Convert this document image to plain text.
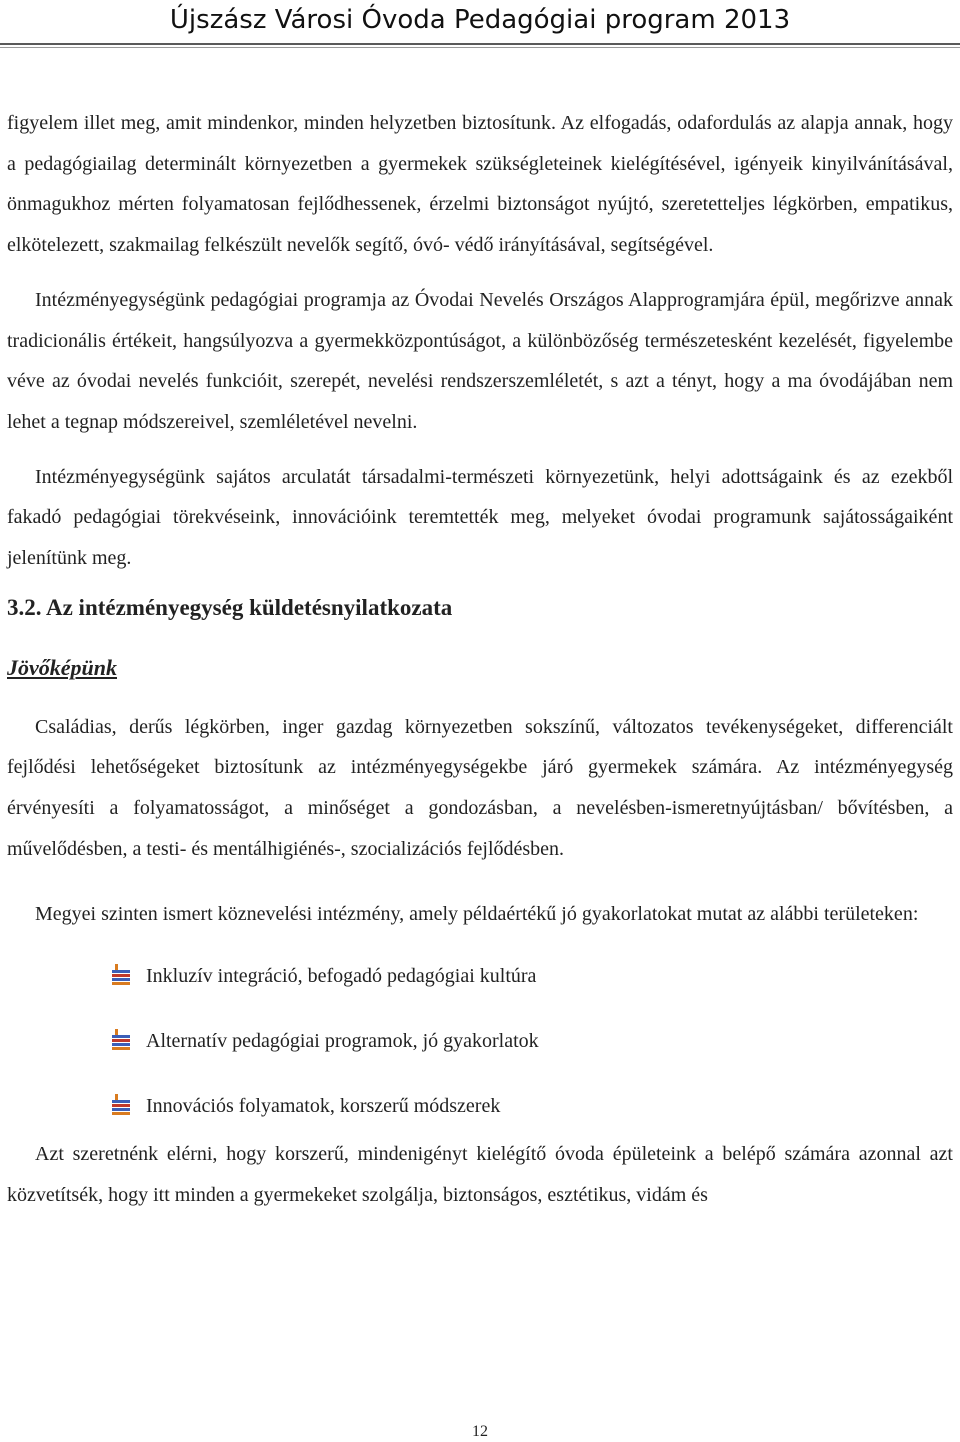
Újszász Városi Óvoda Pedagógiai program 2013

figyelem illet meg, amit mindenkor, minden helyzetben biztosítunk. Az elfogadás, odafordulás az alapja annak, hogy a pedagógiailag determinált környezetben a gyermekek szükségleteinek kielégítésével, igényeik kinyilvánításával, önmagukhoz mérten folyamatosan fejlődhessenek, érzelmi biztonságot nyújtó, szeretetteljes légkörben, empatikus, elkötelezett, szakmailag felkészült nevelők segítő, óvó- védő irányításával, segítségével.

Intézményegységünk pedagógiai programja az Óvodai Nevelés Országos Alapprogramjára épül, megőrizve annak tradicionális értékeit, hangsúlyozva a gyermekközpontúságot, a különbözőség természetesként kezelését, figyelembe véve az óvodai nevelés funkcióit, szerepét, nevelési rendszerszemléletét, s azt a tényt, hogy a ma óvodájában nem lehet a tegnap módszereivel, szemléletével nevelni.

Intézményegységünk sajátos arculatát társadalmi-természeti környezetünk, helyi adottságaink és az ezekből fakadó pedagógiai törekvéseink, innovációink teremtették meg, melyeket óvodai programunk sajátosságaiként jelenítünk meg.

3.2. Az intézményegység küldetésnyilatkozata
Jövőképünk

Családias, derűs légkörben, inger gazdag környezetben sokszínű, változatos tevékenységeket, differenciált fejlődési lehetőségeket biztosítunk az intézményegységekbe járó gyermekek számára. Az intézményegység érvényesíti a folyamatosságot, a minőséget a gondozásban, a nevelésben-ismeretnyújtásban/ bővítésben, a művelődésben, a testi- és mentálhigiénés-, szocializációs fejlődésben.

Megyei szinten ismert köznevelési intézmény, amely példaértékű jó gyakorlatokat mutat az alábbi területeken:

Inkluzív integráció, befogadó pedagógiai kultúra
Alternatív pedagógiai programok, jó gyakorlatok
Innovációs folyamatok, korszerű módszerek

Azt szeretnénk elérni, hogy korszerű, mindenigényt kielégítő óvoda épületeink a belépő számára azonnal azt közvetítsék, hogy itt minden a gyermekeket szolgálja, biztonságos, esztétikus, vidám és

12
